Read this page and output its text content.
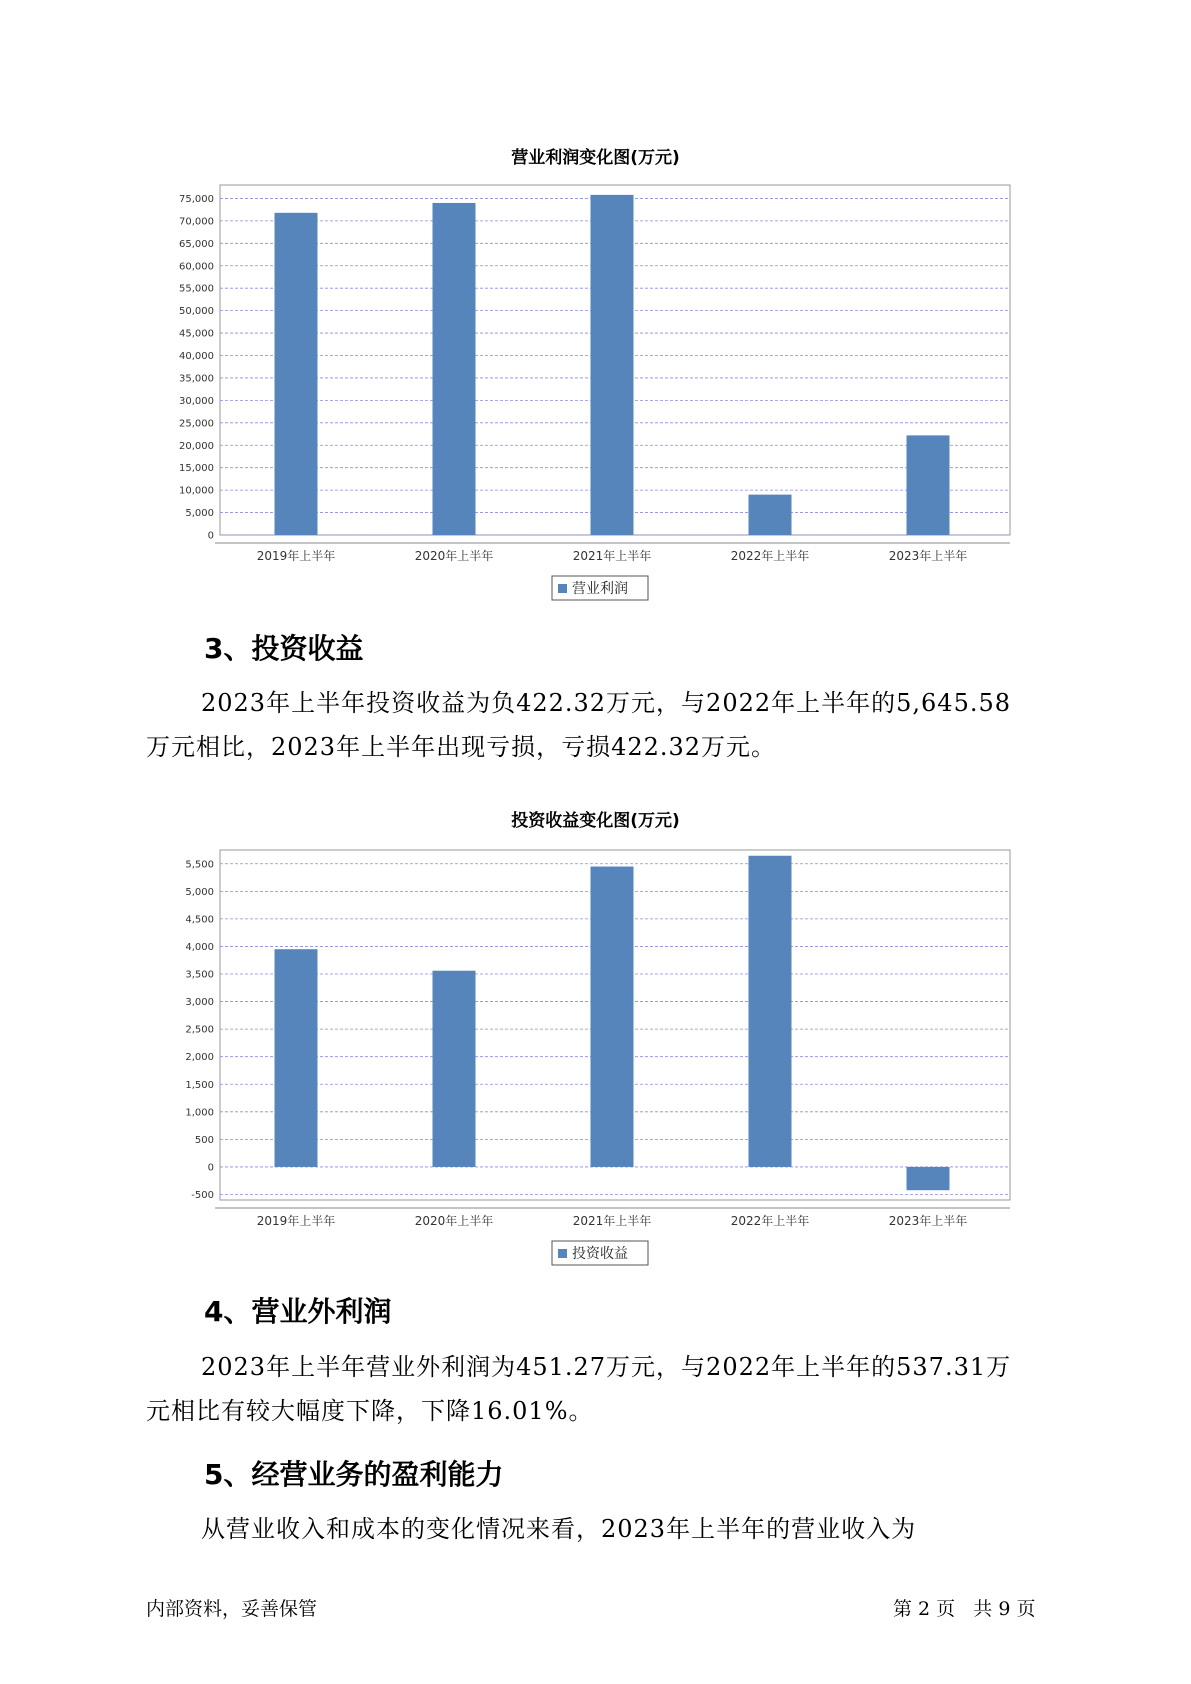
营业利润变化图(万元)
0
5,000
10,000
15,000
20,000
25,000
30,000
35,000
40,000
45,000
50,000
55,000
60,000
65,000
70,000
75,000
2019年上半年	2020年上半年	2021年上半年	2022年上半年	2023年上半年
营业利润
3、投资收益
2023年上半年投资收益为负422.32万元，与2022年上半年的5,645.58
万元相比，2023年上半年出现亏损，亏损422.32万元。
投资收益变化图(万元)
-500
0
500
1,000
1,500
2,000
2,500
3,000
3,500
4,000
4,500
5,000
5,500
2019年上半年	2020年上半年	2021年上半年	2022年上半年	2023年上半年
投资收益
4、营业外利润
2023年上半年营业外利润为451.27万元，与2022年上半年的537.31万
元相比有较大幅度下降，下降16.01%。
5、经营业务的盈利能力
从营业收入和成本的变化情况来看，2023年上半年的营业收入为
内部资料，妥善保管	第 2 页   共 9 页
